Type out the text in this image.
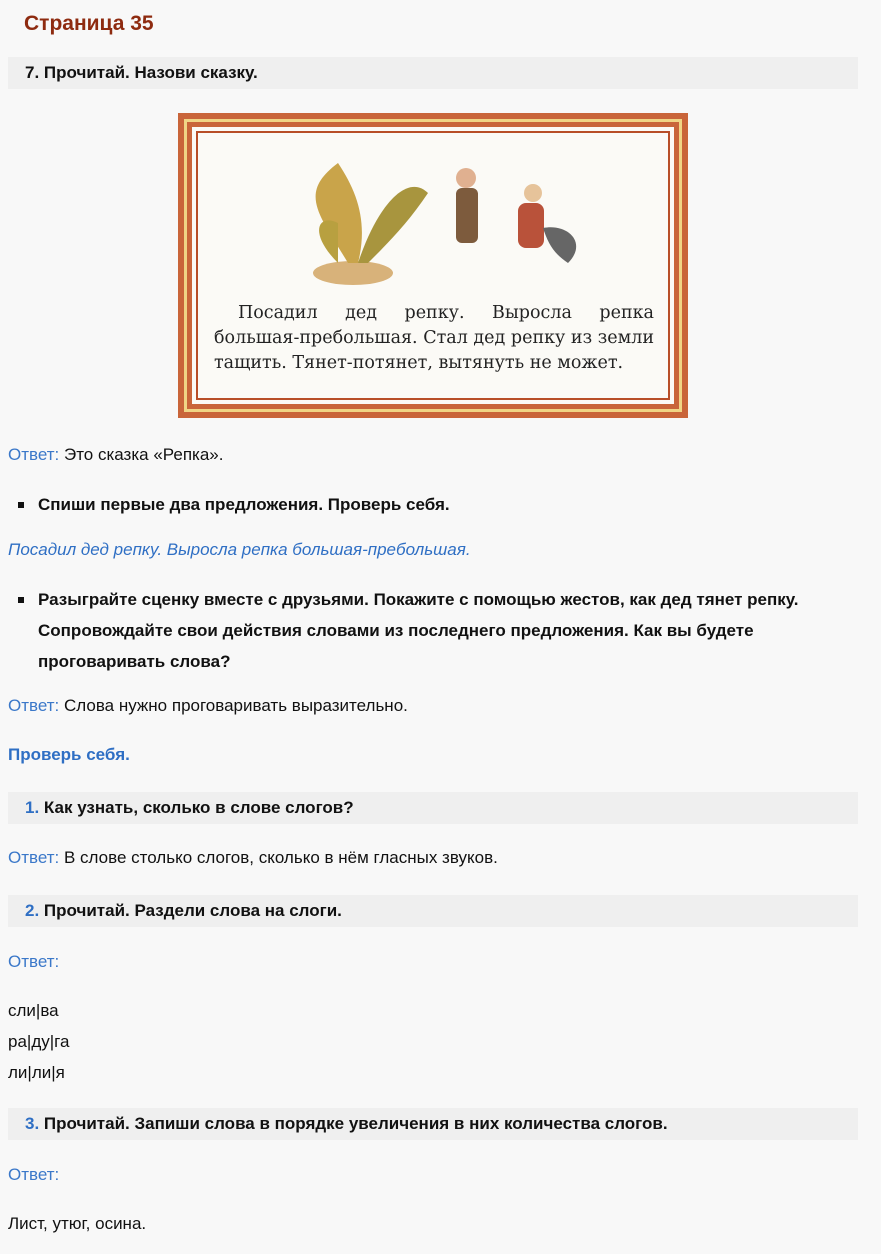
Страница 35
7. Прочитай. Назови сказку.
Посадил дед репку. Выросла репка большая-пребольшая. Стал дед репку из земли тащить. Тянет-потянет, вытянуть не может.
Ответ: Это сказка «Репка».
Спиши первые два предложения. Проверь себя.
Посадил дед репку. Выросла репка большая-пребольшая.
Разыграйте сценку вместе с друзьями. Покажите с помощью жестов, как дед тянет репку. Сопровождайте свои действия словами из последнего предложения. Как вы будете проговаривать слова?
Ответ: Слова нужно проговаривать выразительно.
Проверь себя.
1. Как узнать, сколько в слове слогов?
Ответ: В слове столько слогов, сколько в нём гласных звуков.
2. Прочитай. Раздели слова на слоги.
Ответ:
сли|ва
ра|ду|га
ли|ли|я
3. Прочитай. Запиши слова в порядке увеличения в них количества слогов.
Ответ:
Лист, утюг, осина.
